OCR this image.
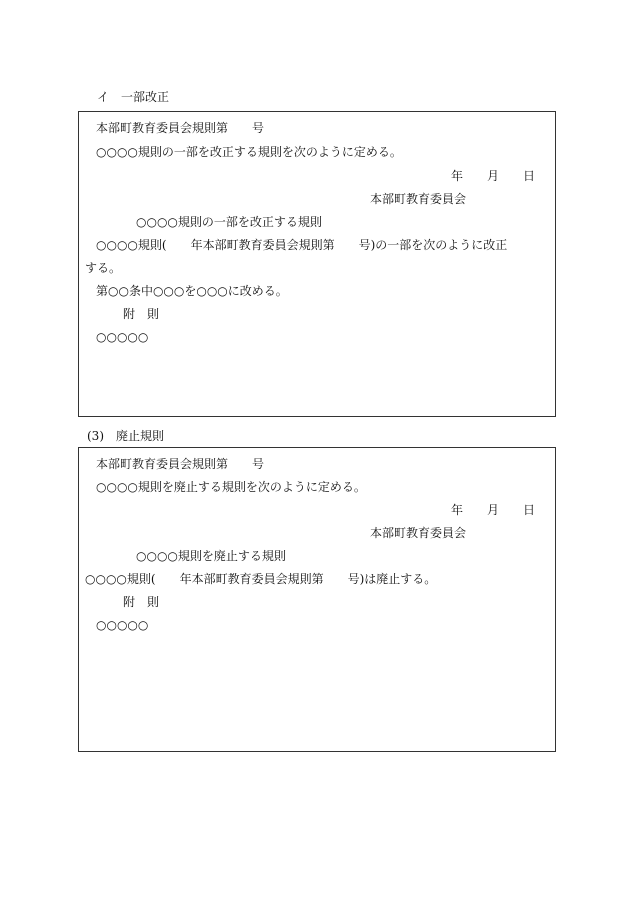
イ　一部改正
本部町教育委員会規則第　　号
○○○○規則の一部を改正する規則を次のように定める。
年　　月　　日
本部町教育委員会
○○○○規則の一部を改正する規則
○○○○規則(　　年本部町教育委員会規則第　　号)の一部を次のように改正
する。
第○○条中○○○を○○○に改める。
附　則
○○○○○
(3)　廃止規則
本部町教育委員会規則第　　号
○○○○規則を廃止する規則を次のように定める。
年　　月　　日
本部町教育委員会
○○○○規則を廃止する規則
○○○○規則(　　年本部町教育委員会規則第　　号)は廃止する。
附　則
○○○○○
